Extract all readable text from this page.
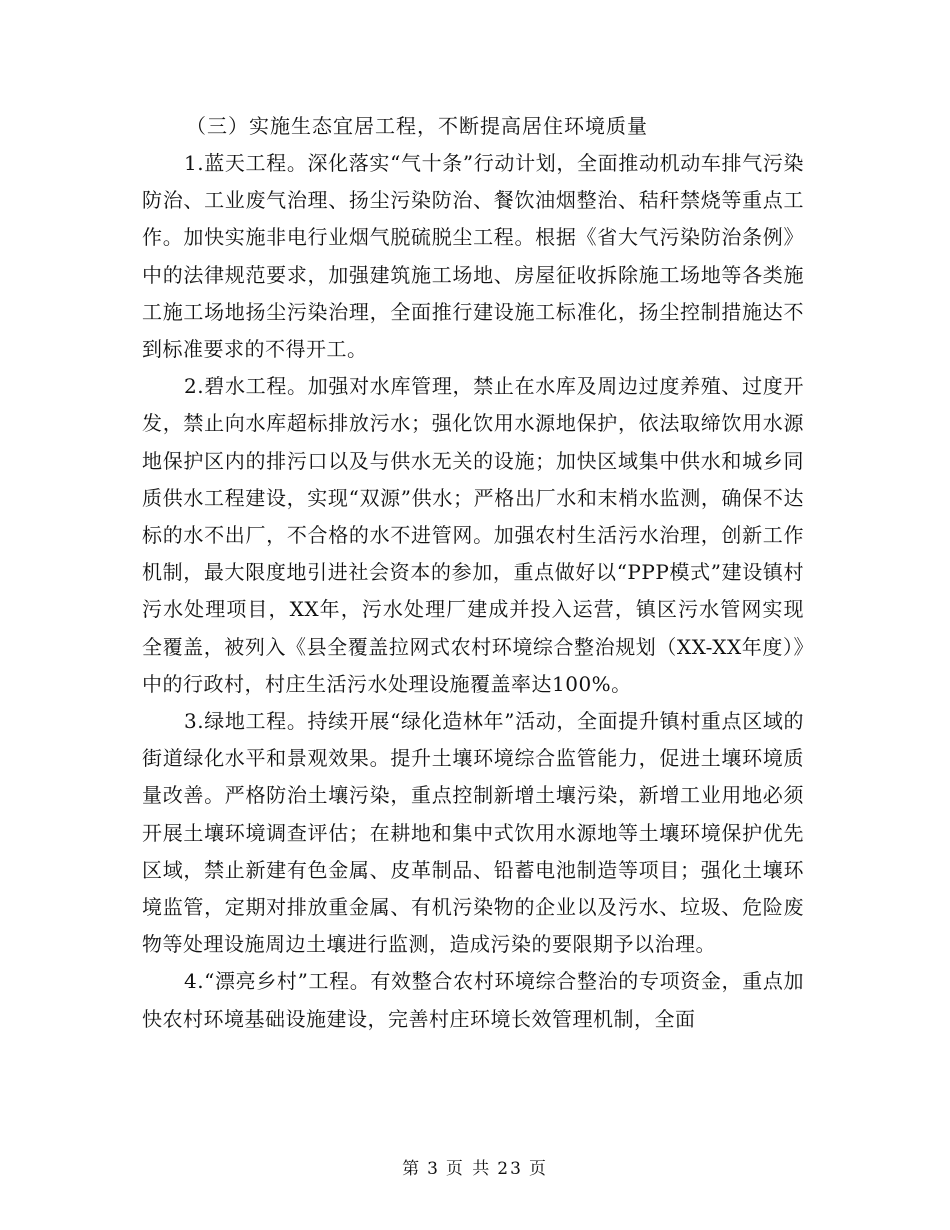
（三）实施生态宜居工程，不断提高居住环境质量

1.蓝天工程。深化落实“气十条”行动计划，全面推动机动车排气污染防治、工业废气治理、扬尘污染防治、餐饮油烟整治、秸秆禁烧等重点工作。加快实施非电行业烟气脱硫脱尘工程。根据《省大气污染防治条例》中的法律规范要求，加强建筑施工场地、房屋征收拆除施工场地等各类施工施工场地扬尘污染治理，全面推行建设施工标准化，扬尘控制措施达不到标准要求的不得开工。

2.碧水工程。加强对水库管理，禁止在水库及周边过度养殖、过度开发，禁止向水库超标排放污水；强化饮用水源地保护，依法取缔饮用水源地保护区内的排污口以及与供水无关的设施；加快区域集中供水和城乡同质供水工程建设，实现“双源”供水；严格出厂水和末梢水监测，确保不达标的水不出厂，不合格的水不进管网。加强农村生活污水治理，创新工作机制，最大限度地引进社会资本的参加，重点做好以“PPP模式”建设镇村污水处理项目，XX年，污水处理厂建成并投入运营，镇区污水管网实现全覆盖，被列入《县全覆盖拉网式农村环境综合整治规划（XX-XX年度）》中的行政村，村庄生活污水处理设施覆盖率达100%。

3.绿地工程。持续开展“绿化造林年”活动，全面提升镇村重点区域的街道绿化水平和景观效果。提升土壤环境综合监管能力，促进土壤环境质量改善。严格防治土壤污染，重点控制新增土壤污染，新增工业用地必须开展土壤环境调查评估；在耕地和集中式饮用水源地等土壤环境保护优先区域，禁止新建有色金属、皮革制品、铅蓄电池制造等项目；强化土壤环境监管，定期对排放重金属、有机污染物的企业以及污水、垃圾、危险废物等处理设施周边土壤进行监测，造成污染的要限期予以治理。

4.“漂亮乡村”工程。有效整合农村环境综合整治的专项资金，重点加快农村环境基础设施建设，完善村庄环境长效管理机制，全面

第 3 页 共 23 页
